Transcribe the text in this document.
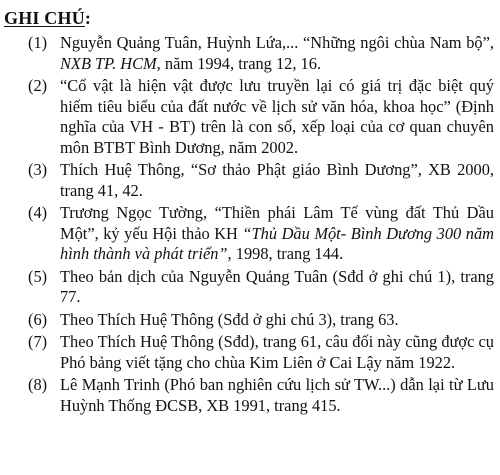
GHI CHÚ:
(1) Nguyễn Quảng Tuân, Huỳnh Lứa,... “Những ngôi chùa Nam bộ”, NXB TP. HCM, năm 1994, trang 12, 16.
(2) “Cổ vật là hiện vật được lưu truyền lại có giá trị đặc biệt quý hiếm tiêu biểu của đất nước về lịch sử văn hóa, khoa học” (Định nghĩa của VH - BT) trên là con số, xếp loại của cơ quan chuyên môn BTBT Bình Dương, năm 2002.
(3) Thích Huệ Thông, “Sơ thảo Phật giáo Bình Dương”, XB 2000, trang 41, 42.
(4) Trương Ngọc Tường, “Thiền phái Lâm Tế vùng đất Thủ Dầu Một”, kỷ yếu Hội thảo KH “Thủ Dầu Một- Bình Dương 300 năm hình thành và phát triển”, 1998, trang 144.
(5) Theo bản dịch của Nguyễn Quảng Tuân (Sđd ở ghi chú 1), trang 77.
(6) Theo Thích Huệ Thông (Sđd ở ghi chú 3), trang 63.
(7) Theo Thích Huệ Thông (Sđd), trang 61, câu đối này cũng được cụ Phó bảng viết tặng cho chùa Kim Liên ở Cai Lậy năm 1922.
(8) Lê Mạnh Trinh (Phó ban nghiên cứu lịch sử TW...) dẫn lại từ Lưu Huỳnh Thống ĐCSB, XB 1991, trang 415.
